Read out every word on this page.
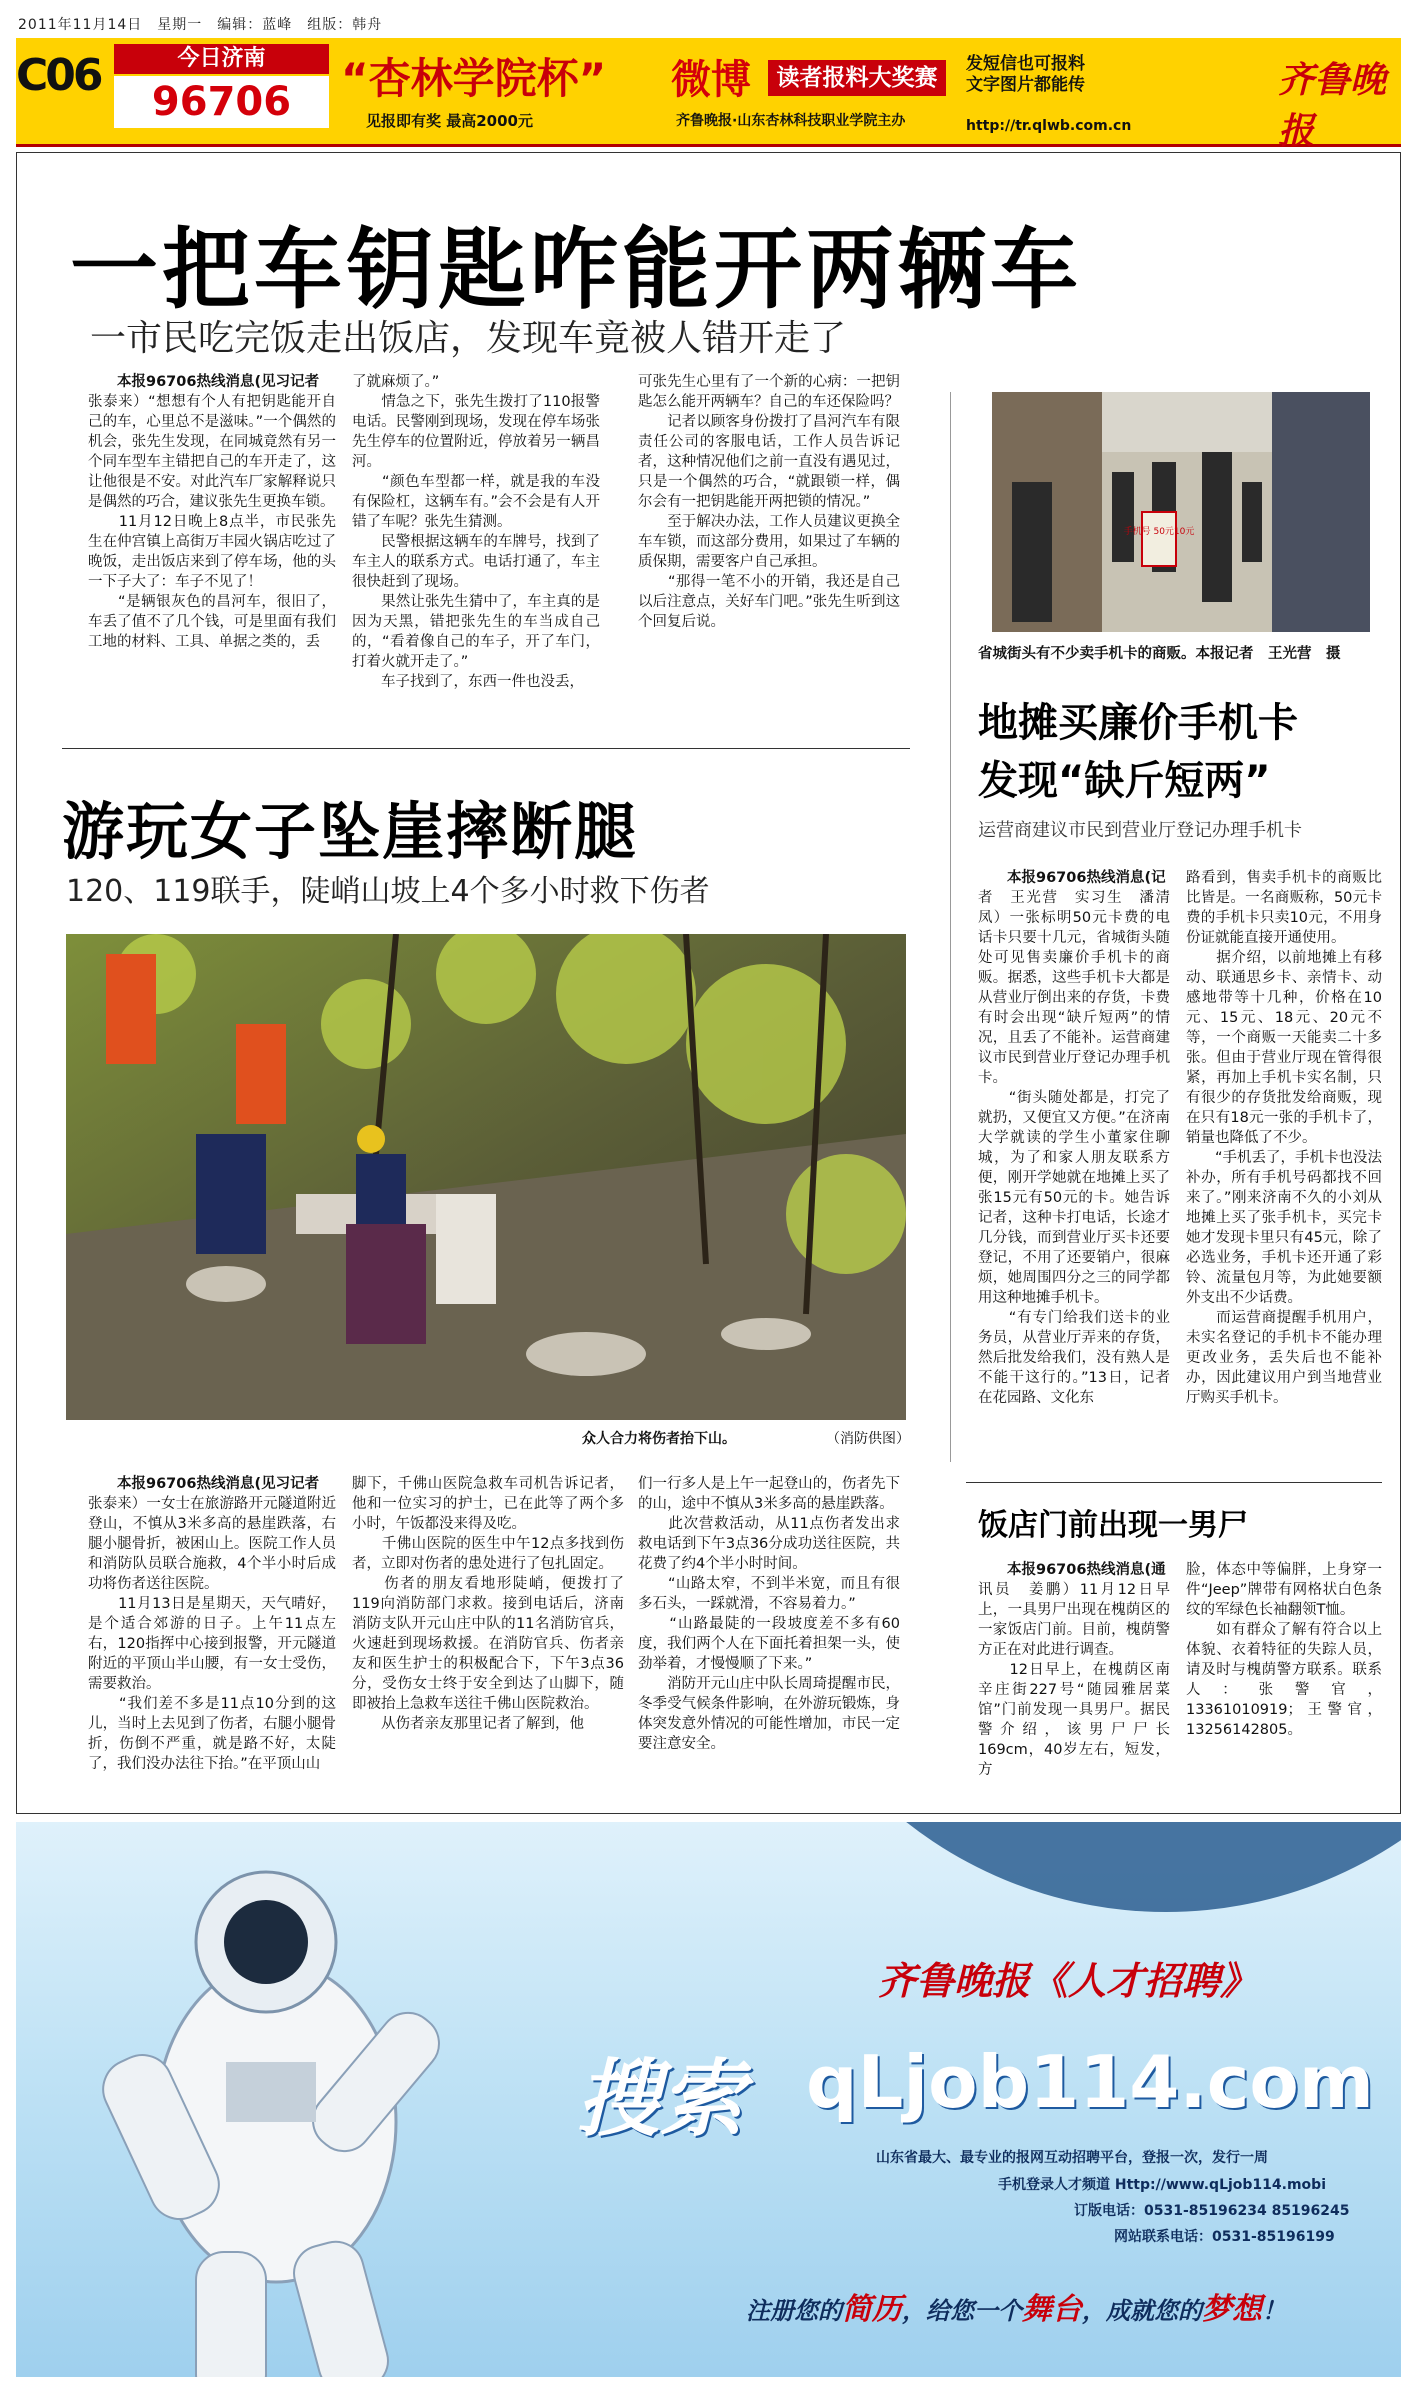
2011年11月14日　星期一　编辑：蓝峰　组版：韩舟
C06	今日济南
96706	“杏林学院杯”
见报即有奖 最高2000元
微博	读者报料大奖赛
齐鲁晚报·山东杏林科技职业学院主办
发短信也可报料
文字图片都能传
http://tr.qlwb.com.cn
齐鲁晚报
一把车钥匙咋能开两辆车
一市民吃完饭走出饭店，发现车竟被人错开走了
本报96706热线消息(见习记者
张泰来）“想想有个人有把钥匙能开自己的车，心里总不是滋味。”一个偶然的机会，张先生发现，在同城竟然有另一个同车型车主错把自己的车开走了，这让他很是不安。对此汽车厂家解释说只是偶然的巧合，建议张先生更换车锁。
　　11月12日晚上8点半，市民张先生在仲宫镇上高街万丰园火锅店吃过了晚饭，走出饭店来到了停车场，他的头一下子大了：车子不见了！
　　“是辆银灰色的昌河车，很旧了，车丢了值不了几个钱，可是里面有我们工地的材料、工具、单据之类的，丢
了就麻烦了。”
　　情急之下，张先生拨打了110报警电话。民警刚到现场，发现在停车场张先生停车的位置附近，停放着另一辆昌河。
　　“颜色车型都一样，就是我的车没有保险杠，这辆车有。”会不会是有人开错了车呢？张先生猜测。
　　民警根据这辆车的车牌号，找到了车主人的联系方式。电话打通了，车主很快赶到了现场。
　　果然让张先生猜中了，车主真的是因为天黑，错把张先生的车当成自己的，“看着像自己的车子，开了车门，打着火就开走了。”
　　车子找到了，东西一件也没丢，
可张先生心里有了一个新的心病：一把钥匙怎么能开两辆车？自己的车还保险吗？
　　记者以顾客身份拨打了昌河汽车有限责任公司的客服电话，工作人员告诉记者，这种情况他们之前一直没有遇见过，只是一个偶然的巧合，“就跟锁一样，偶尔会有一把钥匙能开两把锁的情况。”
　　至于解决办法，工作人员建议更换全车车锁，而这部分费用，如果过了车辆的质保期，需要客户自己承担。
　　“那得一笔不小的开销，我还是自己以后注意点，关好车门吧。”张先生听到这个回复后说。
游玩女子坠崖摔断腿
120、119联手，陡峭山坡上4个多小时救下伤者
众人合力将伤者抬下山。	（消防供图）
本报96706热线消息(见习记者
张泰来）一女士在旅游路开元隧道附近登山，不慎从3米多高的悬崖跌落，右腿小腿骨折，被困山上。医院工作人员和消防队员联合施救，4个半小时后成功将伤者送往医院。
　　11月13日是星期天，天气晴好，是个适合郊游的日子。上午11点左右，120指挥中心接到报警，开元隧道附近的平顶山半山腰，有一女士受伤，需要救治。
　　“我们差不多是11点10分到的这儿，当时上去见到了伤者，右腿小腿骨折，伤倒不严重，就是路不好，太陡了，我们没办法往下抬。”在平顶山山
脚下，千佛山医院急救车司机告诉记者，他和一位实习的护士，已在此等了两个多小时，午饭都没来得及吃。
　　千佛山医院的医生中午12点多找到伤者，立即对伤者的患处进行了包扎固定。
　　伤者的朋友看地形陡峭，便拨打了119向消防部门求救。接到电话后，济南消防支队开元山庄中队的11名消防官兵，火速赶到现场救援。在消防官兵、伤者亲友和医生护士的积极配合下，下午3点36分，受伤女士终于安全到达了山脚下，随即被抬上急救车送往千佛山医院救治。
　　从伤者亲友那里记者了解到，他
们一行多人是上午一起登山的，伤者先下的山，途中不慎从3米多高的悬崖跌落。
　　此次营救活动，从11点伤者发出求救电话到下午3点36分成功送往医院，共花费了约4个半小时时间。
　　“山路太窄，不到半米宽，而且有很多石头，一踩就滑，不容易着力。”
　　“山路最陡的一段坡度差不多有60度，我们两个人在下面托着担架一头，使劲举着，才慢慢顺了下来。”
　　消防开元山庄中队长周琦提醒市民，冬季受气候条件影响，在外游玩锻炼，身体突发意外情况的可能性增加，市民一定要注意安全。
手机号 50元10元
省城街头有不少卖手机卡的商贩。本报记者　王光营　摄
地摊买廉价手机卡
发现“缺斤短两”
运营商建议市民到营业厅登记办理手机卡
本报96706热线消息(记
者　王光营　实习生　潘清凤）一张标明50元卡费的电话卡只要十几元，省城街头随处可见售卖廉价手机卡的商贩。据悉，这些手机卡大都是从营业厅倒出来的存货，卡费有时会出现“缺斤短两”的情况，且丢了不能补。运营商建议市民到营业厅登记办理手机卡。
　　“街头随处都是，打完了就扔，又便宜又方便。”在济南大学就读的学生小董家住聊城，为了和家人朋友联系方便，刚开学她就在地摊上买了张15元有50元的卡。她告诉记者，这种卡打电话，长途才几分钱，而到营业厅买卡还要登记，不用了还要销户，很麻烦，她周围四分之三的同学都用这种地摊手机卡。
　　“有专门给我们送卡的业务员，从营业厅弄来的存货，然后批发给我们，没有熟人是不能干这行的。”13日，记者在花园路、文化东
路看到，售卖手机卡的商贩比比皆是。一名商贩称，50元卡费的手机卡只卖10元，不用身份证就能直接开通使用。
　　据介绍，以前地摊上有移动、联通思乡卡、亲情卡、动感地带等十几种，价格在10元、15元、18元、20元不等，一个商贩一天能卖二十多张。但由于营业厅现在管得很紧，再加上手机卡实名制，只有很少的存货批发给商贩，现在只有18元一张的手机卡了，销量也降低了不少。
　　“手机丢了，手机卡也没法补办，所有手机号码都找不回来了。”刚来济南不久的小刘从地摊上买了张手机卡，买完卡她才发现卡里只有45元，除了必选业务，手机卡还开通了彩铃、流量包月等，为此她要额外支出不少话费。
　　而运营商提醒手机用户，未实名登记的手机卡不能办理更改业务，丢失后也不能补办，因此建议用户到当地营业厅购买手机卡。
饭店门前出现一男尸
本报96706热线消息(通
讯员　姜鹏）11月12日早上，一具男尸出现在槐荫区的一家饭店门前。目前，槐荫警方正在对此进行调查。
　　12日早上，在槐荫区南辛庄街227号“随园雅居菜馆”门前发现一具男尸。据民警介绍，该男尸尸长169cm，40岁左右，短发，方
脸，体态中等偏胖，上身穿一件“Jeep”牌带有网格状白色条纹的军绿色长袖翻领T恤。
　　如有群众了解有符合以上体貌、衣着特征的失踪人员，请及时与槐荫警方联系。联系人：张警官，13361010919；王警官，13256142805。
齐鲁晚报《人才招聘》
搜索 qLjob114.com
山东省最大、最专业的报网互动招聘平台，登报一次，发行一周
手机登录人才频道 Http://www.qLjob114.mobi
订版电话：0531-85196234 85196245
网站联系电话：0531-85196199
注册您的简历，给您一个舞台，成就您的梦想！
